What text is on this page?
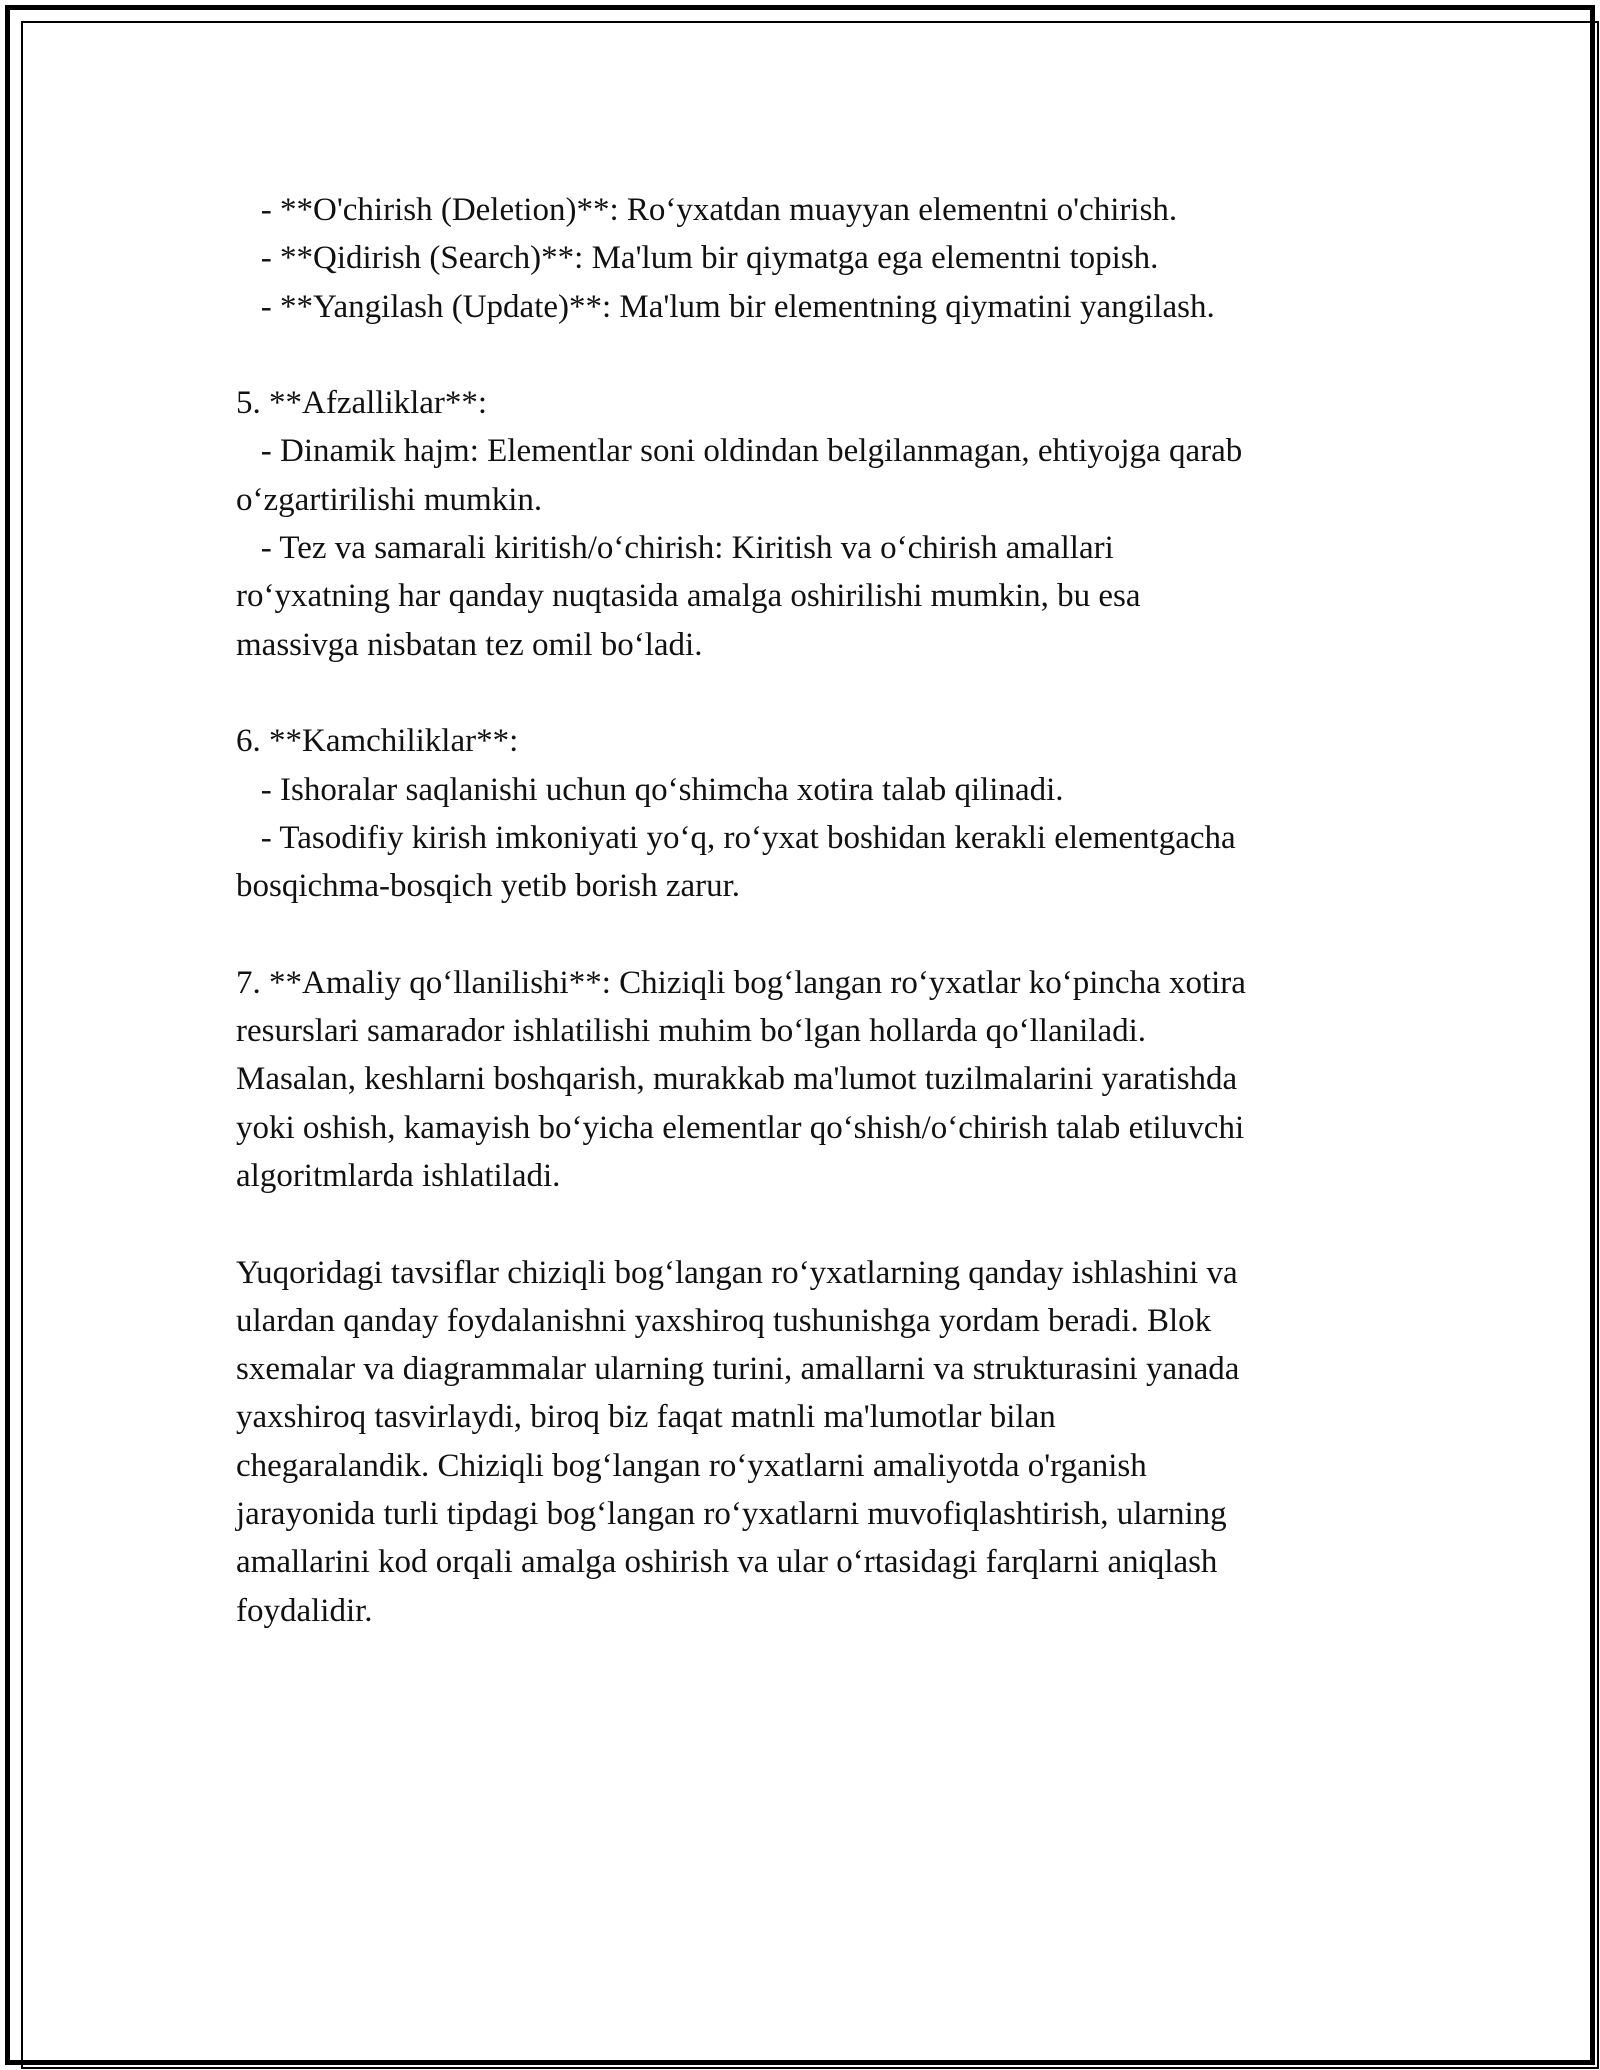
- **O'chirish (Deletion)**: Ro‘yxatdan muayyan elementni o'chirish.
- **Qidirish (Search)**: Ma'lum bir qiymatga ega elementni topish.
- **Yangilash (Update)**: Ma'lum bir elementning qiymatini yangilash.
5. **Afzalliklar**:
- Dinamik hajm: Elementlar soni oldindan belgilanmagan, ehtiyojga qarab
o‘zgartirilishi mumkin.
- Tez va samarali kiritish/o‘chirish: Kiritish va o‘chirish amallari
ro‘yxatning har qanday nuqtasida amalga oshirilishi mumkin, bu esa
massivga nisbatan tez omil bo‘ladi.
6. **Kamchiliklar**:
- Ishoralar saqlanishi uchun qo‘shimcha xotira talab qilinadi.
- Tasodifiy kirish imkoniyati yo‘q, ro‘yxat boshidan kerakli elementgacha
bosqichma-bosqich yetib borish zarur.
7. **Amaliy qo‘llanilishi**: Chiziqli bog‘langan ro‘yxatlar ko‘pincha xotira
resurslari samarador ishlatilishi muhim bo‘lgan hollarda qo‘llaniladi.
Masalan, keshlarni boshqarish, murakkab ma'lumot tuzilmalarini yaratishda
yoki oshish, kamayish bo‘yicha elementlar qo‘shish/o‘chirish talab etiluvchi
algoritmlarda ishlatiladi.
Yuqoridagi tavsiflar chiziqli bog‘langan ro‘yxatlarning qanday ishlashini va
ulardan qanday foydalanishni yaxshiroq tushunishga yordam beradi. Blok
sxemalar va diagrammalar ularning turini, amallarni va strukturasini yanada
yaxshiroq tasvirlaydi, biroq biz faqat matnli ma'lumotlar bilan
chegaralandik. Chiziqli bog‘langan ro‘yxatlarni amaliyotda o'rganish
jarayonida turli tipdagi bog‘langan ro‘yxatlarni muvofiqlashtirish, ularning
amallarini kod orqali amalga oshirish va ular o‘rtasidagi farqlarni aniqlash
foydalidir.
